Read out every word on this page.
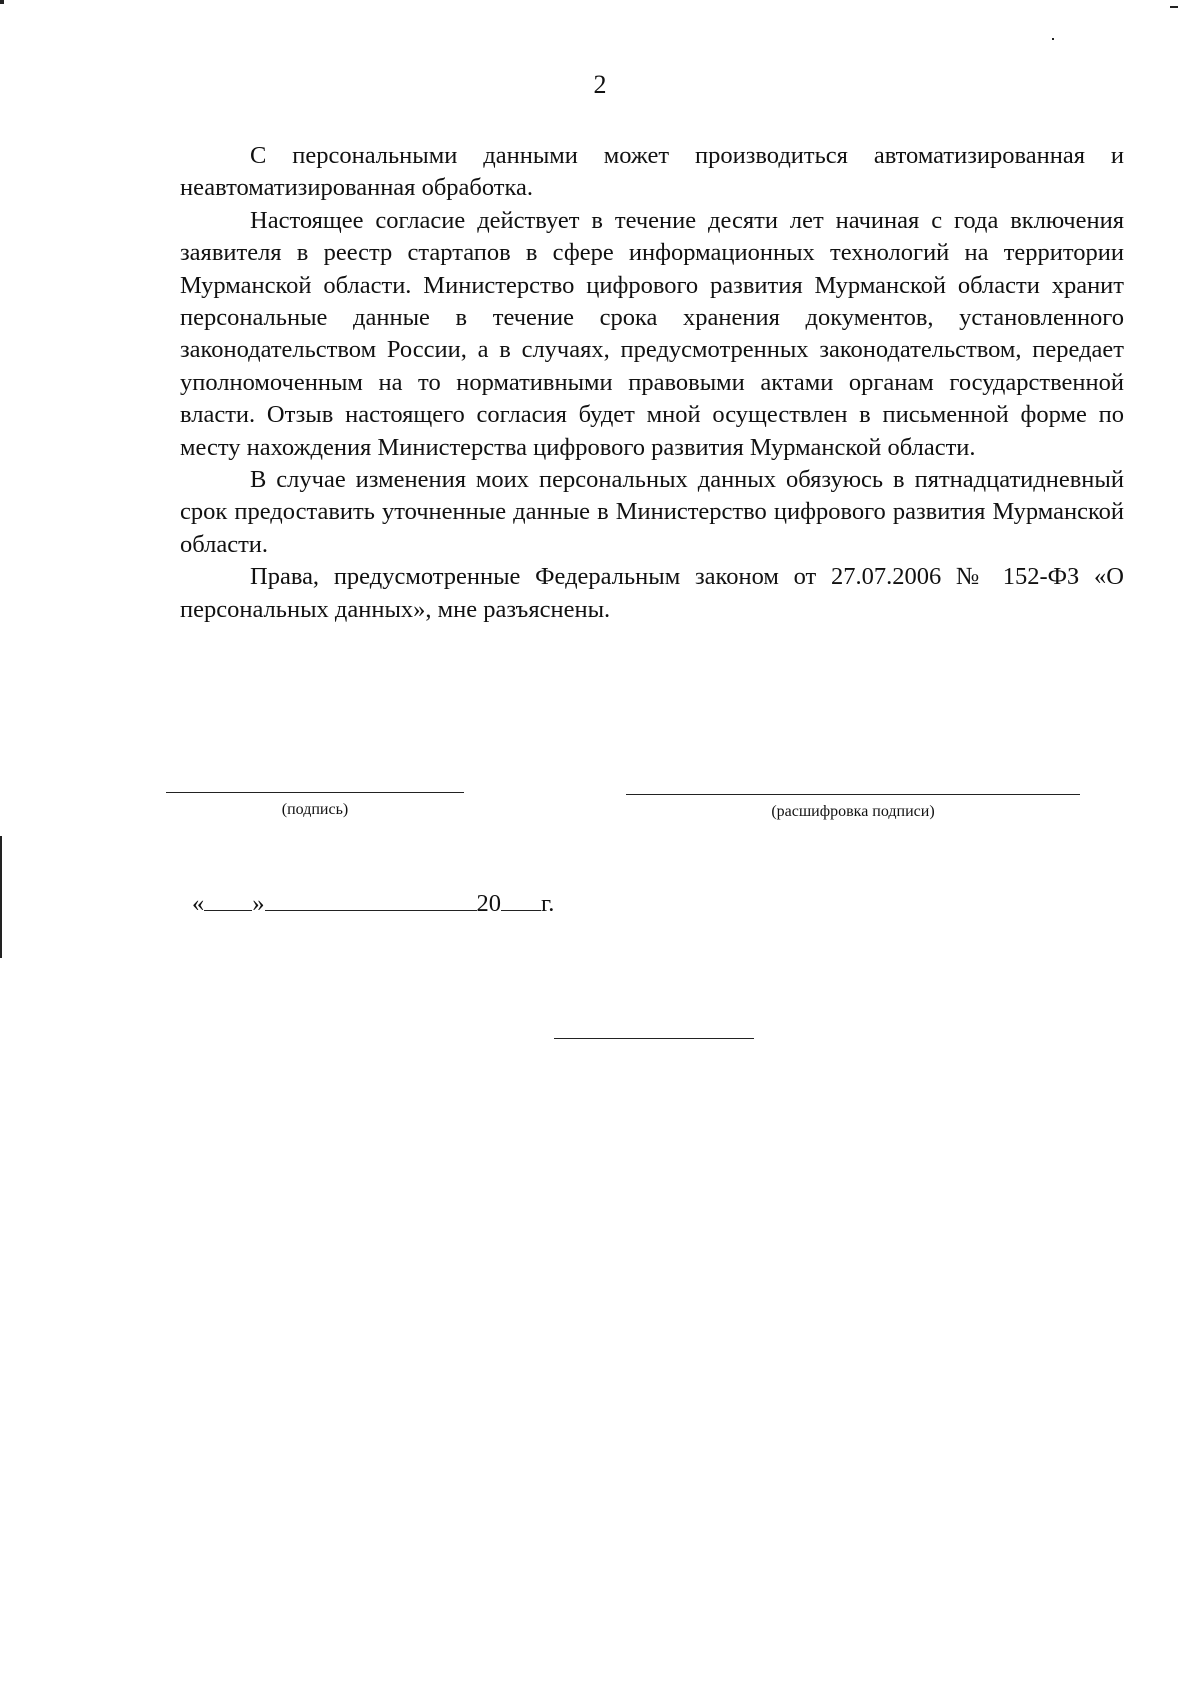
2

С персональными данными может производиться автоматизированная и неавтоматизированная обработка.

Настоящее согласие действует в течение десяти лет начиная с года включения заявителя в реестр стартапов в сфере информационных технологий на территории Мурманской области. Министерство цифрового развития Мурманской области хранит персональные данные в течение срока хранения документов, установленного законодательством России, а в случаях, предусмотренных законодательством, передает уполномоченным на то нормативными правовыми актами органам государственной власти. Отзыв настоящего согласия будет мной осуществлен в письменной форме по месту нахождения Министерства цифрового развития Мурманской области.

В случае изменения моих персональных данных обязуюсь в пятнадцатидневный срок предоставить уточненные данные в Министерство цифрового развития Мурманской области.

Права, предусмотренные Федеральным законом от 27.07.2006 № 152-ФЗ «О персональных данных», мне разъяснены.

(подпись)	(расшифровка подписи)
« »	20 г.
